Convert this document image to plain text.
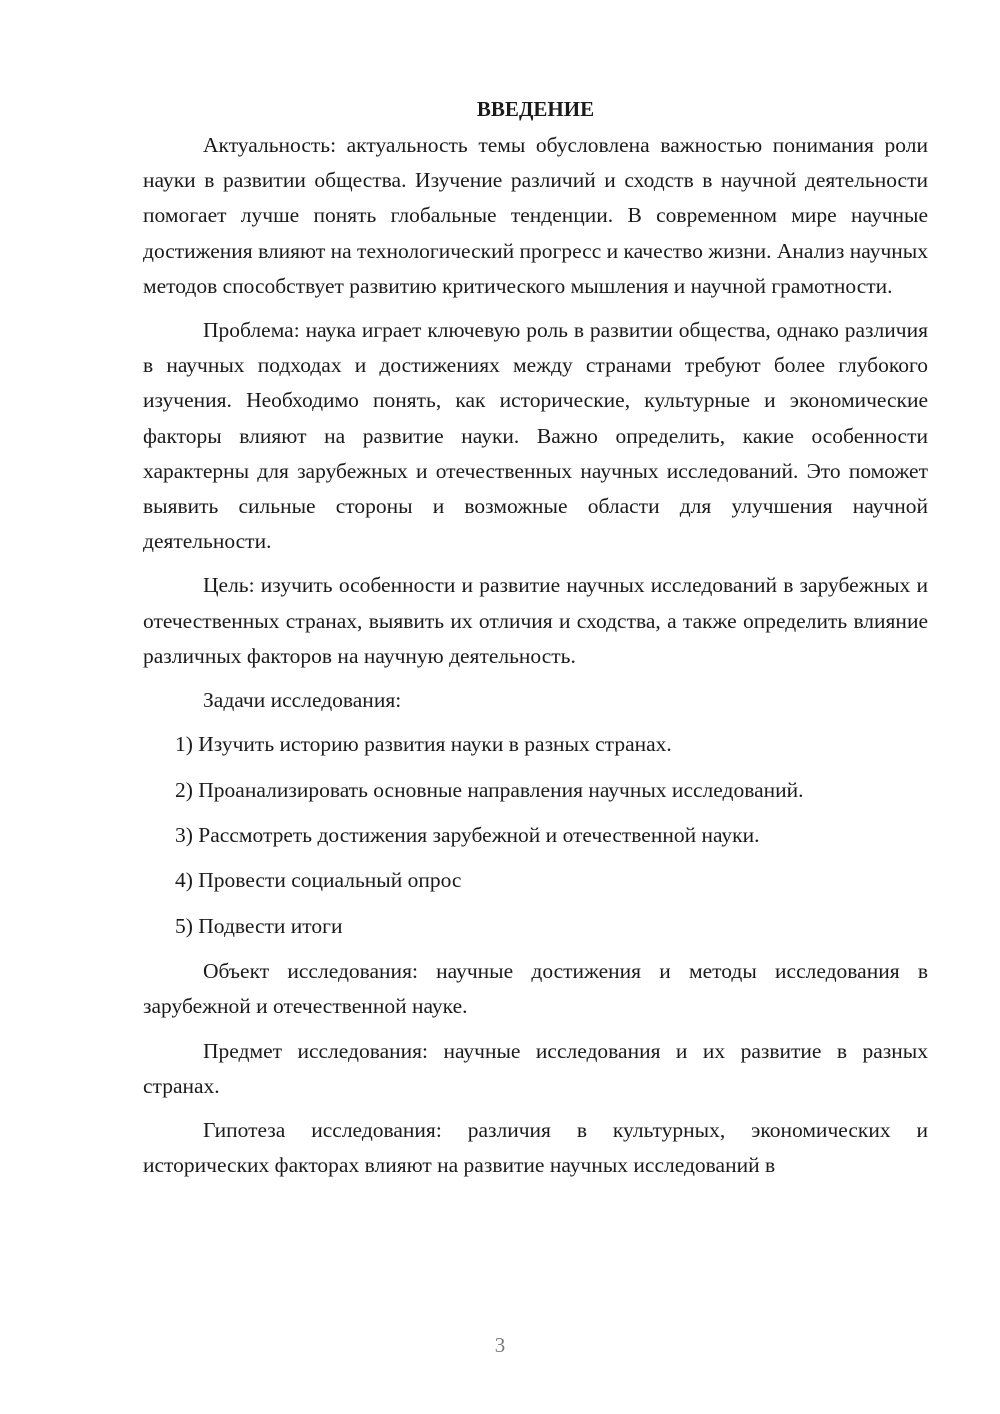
ВВЕДЕНИЕ

Актуальность: актуальность темы обусловлена важностью понимания роли науки в развитии общества. Изучение различий и сходств в научной деятельности помогает лучше понять глобальные тенденции. В современном мире научные достижения влияют на технологический прогресс и качество жизни. Анализ научных методов способствует развитию критического мышления и научной грамотности.

Проблема: наука играет ключевую роль в развитии общества, однако различия в научных подходах и достижениях между странами требуют более глубокого изучения. Необходимо понять, как исторические, культурные и экономические факторы влияют на развитие науки. Важно определить, какие особенности характерны для зарубежных и отечественных научных исследований. Это поможет выявить сильные стороны и возможные области для улучшения научной деятельности.

Цель: изучить особенности и развитие научных исследований в зарубежных и отечественных странах, выявить их отличия и сходства, а также определить влияние различных факторов на научную деятельность.

Задачи исследования:

1) Изучить историю развития науки в разных странах.
2) Проанализировать основные направления научных исследований.
3) Рассмотреть достижения зарубежной и отечественной науки.
4) Провести социальный опрос
5) Подвести итоги

Объект исследования: научные достижения и методы исследования в зарубежной и отечественной науке.

Предмет исследования: научные исследования и их развитие в разных странах.

Гипотеза исследования: различия в культурных, экономических и исторических факторах влияют на развитие научных исследований в

3
